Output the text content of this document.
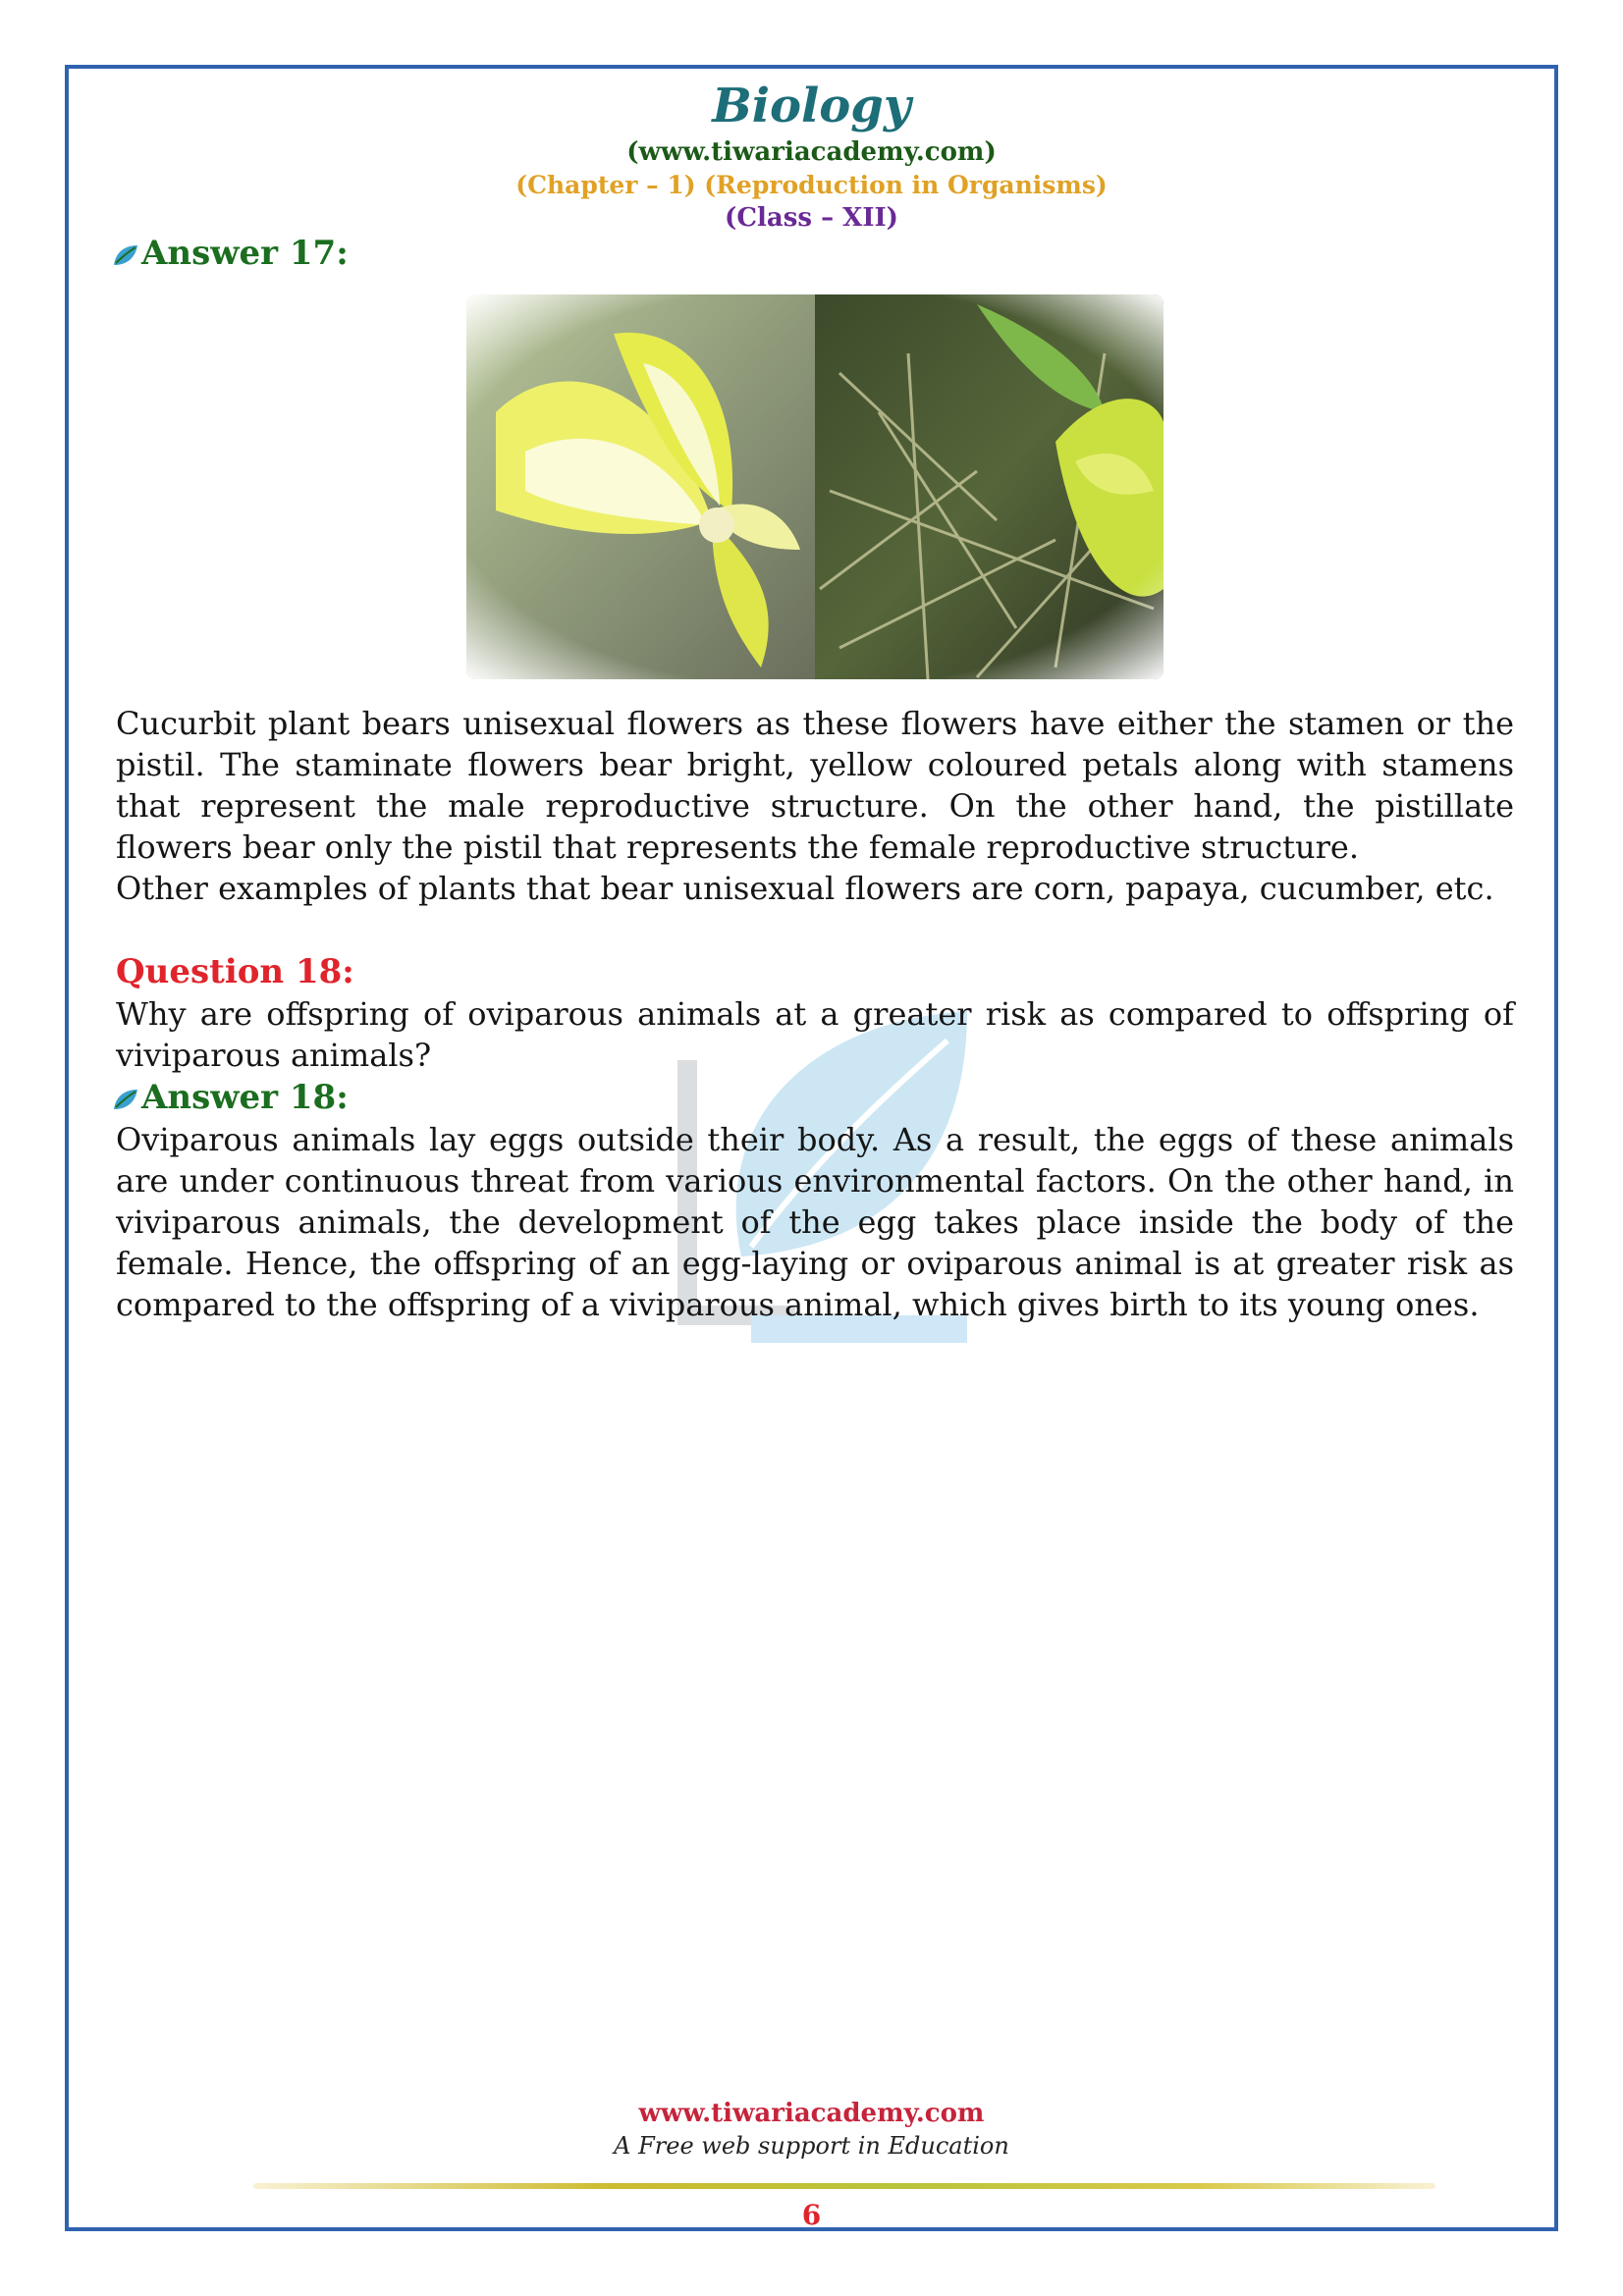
Biology
(www.tiwariacademy.com)
(Chapter – 1) (Reproduction in Organisms)
(Class – XII)
Answer 17:

Cucurbit plant bears unisexual flowers as these flowers have either the stamen or the pistil. The staminate flowers bear bright, yellow coloured petals along with stamens that represent the male reproductive structure. On the other hand, the pistillate flowers bear only the pistil that represents the female reproductive structure.

Other examples of plants that bear unisexual flowers are corn, papaya, cucumber, etc.

Question 18:

Why are offspring of oviparous animals at a greater risk as compared to offspring of viviparous animals?

Answer 18:

Oviparous animals lay eggs outside their body. As a result, the eggs of these animals are under continuous threat from various environmental factors. On the other hand, in viviparous animals, the development of the egg takes place inside the body of the female. Hence, the offspring of an egg-laying or oviparous animal is at greater risk as compared to the offspring of a viviparous animal, which gives birth to its young ones.

www.tiwariacademy.com
A Free web support in Education
6
